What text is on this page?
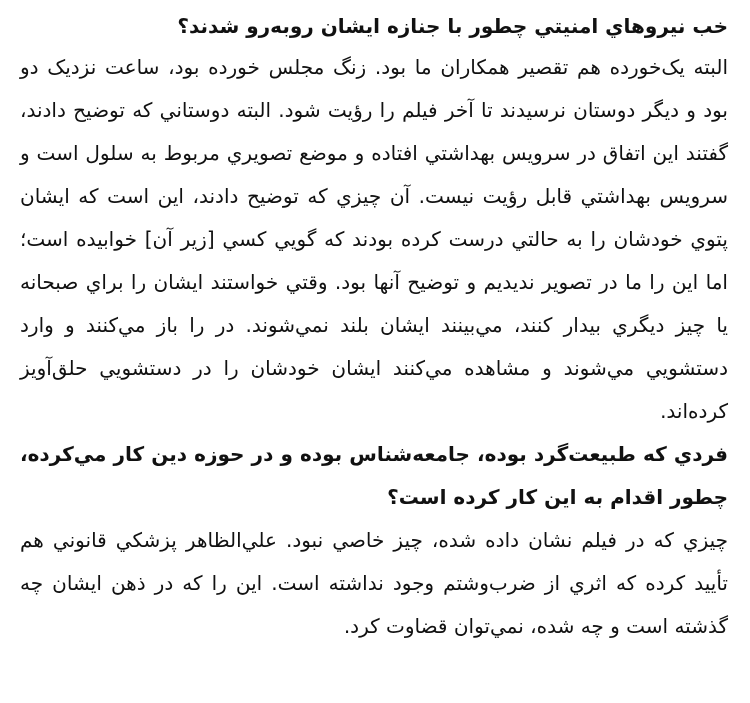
خب نيروهاي امنيتي چطور با جنازه ايشان روبه‌رو شدند؟

البته يک‌خورده هم تقصير همکاران ما بود. زنگ مجلس خورده بود، ساعت نزديک دو بود و ديگر دوستان نرسيدند تا آخر فيلم را رؤيت شود. البته دوستاني که توضيح دادند، گفتند اين اتفاق در سرويس بهداشتي افتاده و موضع تصويري مربوط به سلول است و سرويس بهداشتي قابل رؤيت نيست. آن چيزي که توضيح دادند، اين است که ايشان پتوي خودشان را به حالتي درست کرده بودند که گويي کسي [زير آن] خوابيده است؛ اما اين را ما در تصوير نديديم و توضيح آنها بود. وقتي خواستند ايشان را براي صبحانه يا چيز ديگري بيدار کنند، مي‌بينند ايشان بلند نمي‌شوند. در را باز مي‌کنند و وارد دستشويي مي‌شوند و مشاهده مي‌کنند ايشان خودشان را در دستشويي حلق‌آويز کرده‌اند.

فردي که طبيعت‌گرد بوده، جامعه‌شناس بوده و در حوزه دين کار مي‌کرده، چطور اقدام به اين کار کرده است؟

چيزي که در فيلم نشان داده شده، چيز خاصي نبود. علي‌الظاهر پزشکي قانوني هم تأييد کرده که اثري از ضرب‌وشتم وجود نداشته است. اين را که در ذهن ايشان چه گذشته است و چه شده، نمي‌توان قضاوت کرد.
